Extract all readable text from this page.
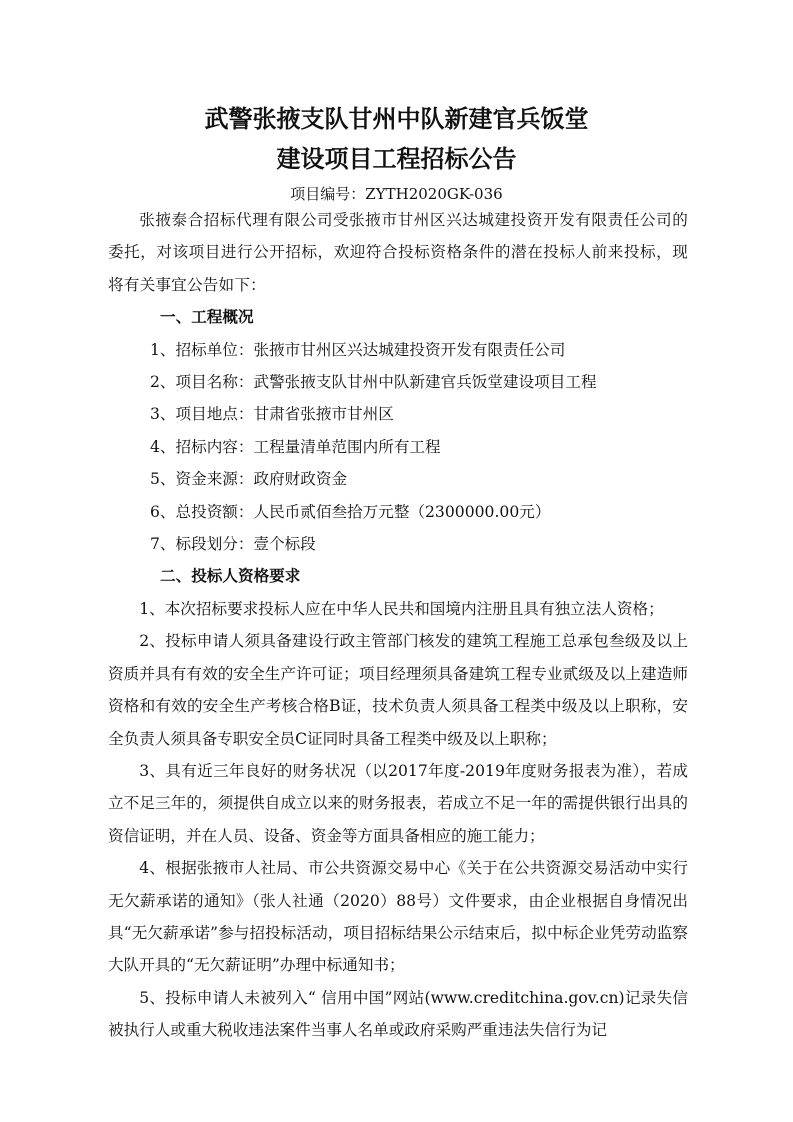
武警张掖支队甘州中队新建官兵饭堂
建设项目工程招标公告

项目编号：ZYTH2020GK-036

张掖泰合招标代理有限公司受张掖市甘州区兴达城建投资开发有限责任公司的委托，对该项目进行公开招标，欢迎符合投标资格条件的潜在投标人前来投标，现将有关事宜公告如下：

一、工程概况

1、招标单位：张掖市甘州区兴达城建投资开发有限责任公司

2、项目名称：武警张掖支队甘州中队新建官兵饭堂建设项目工程

3、项目地点：甘肃省张掖市甘州区

4、招标内容：工程量清单范围内所有工程

5、资金来源：政府财政资金

6、总投资额：人民币贰佰叁拾万元整（2300000.00元）

7、标段划分：壹个标段

二、投标人资格要求

1、本次招标要求投标人应在中华人民共和国境内注册且具有独立法人资格；

2、投标申请人须具备建设行政主管部门核发的建筑工程施工总承包叁级及以上资质并具有有效的安全生产许可证；项目经理须具备建筑工程专业贰级及以上建造师资格和有效的安全生产考核合格B证，技术负责人须具备工程类中级及以上职称，安全负责人须具备专职安全员C证同时具备工程类中级及以上职称；

3、具有近三年良好的财务状况（以2017年度-2019年度财务报表为准），若成立不足三年的，须提供自成立以来的财务报表，若成立不足一年的需提供银行出具的资信证明，并在人员、设备、资金等方面具备相应的施工能力；

4、根据张掖市人社局、市公共资源交易中心《关于在公共资源交易活动中实行无欠薪承诺的通知》（张人社通（2020）88号）文件要求，由企业根据自身情况出具“无欠薪承诺”参与招投标活动，项目招标结果公示结束后，拟中标企业凭劳动监察大队开具的“无欠薪证明”办理中标通知书；

5、投标申请人未被列入“ 信用中国”网站(www.creditchina.gov.cn)记录失信被执行人或重大税收违法案件当事人名单或政府采购严重违法失信行为记
